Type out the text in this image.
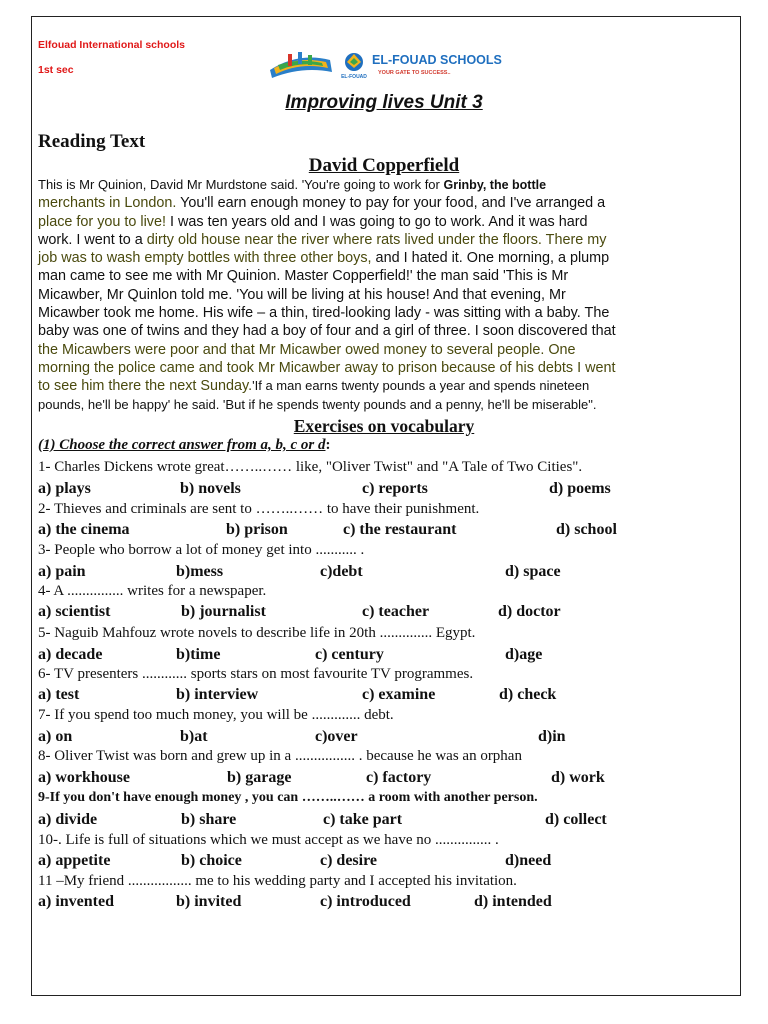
Elfouad International schools
1st sec
EL-FOUAD
EL-FOUAD SCHOOLS
YOUR GATE TO SUCCESS..
Improving lives Unit 3
Reading Text
David Copperfield
This is Mr Quinion, David Mr Murdstone said. 'You're going to work for Grinby, the bottle
merchants in London. You'll earn enough money to pay for your food, and I've arranged a
place for you to live! I was ten years old and I was going to go to work. And it was hard
work. I went to a dirty old house near the river where rats lived under the floors. There my
job was to wash empty bottles with three other boys, and I hated it. One morning, a plump
man came to see me with Mr Quinion. Master Copperfield!' the man said 'This is Mr
Micawber, Mr Quinlon told me. 'You will be living at his house! And that evening, Mr
Micawber took me home. His wife – a thin, tired-looking lady - was sitting with a baby. The
baby was one of twins and they had a boy of four and a girl of three. I soon discovered that
the Micawbers were poor and that Mr Micawber owed money to several people. One
morning the police came and took Mr Micawber away to prison because of his debts I went
to see him there the next Sunday.'If a man earns twenty pounds a year and spends nineteen
pounds, he'll be happy' he said. 'But if he spends twenty pounds and a penny, he'll be miserable".
Exercises on vocabulary
(1) Choose the correct answer from a, b, c or d:
1- Charles Dickens wrote great……..…… like, "Oliver Twist" and "A Tale of Two Cities".
a) plays	b) novels	c) reports	d) poems
2- Thieves and criminals are sent to ……..…… to have their punishment.
a) the cinema	b) prison	c) the restaurant	d) school
3- People who borrow a lot of money get into ........... .
a) pain	b)mess	c)debt	d) space
4- A ............... writes for a newspaper.
a) scientist	b) journalist	c) teacher	d) doctor
5- Naguib Mahfouz wrote novels to describe life in 20th .............. Egypt.
a) decade	b)time	c) century	d)age
6- TV presenters ............ sports stars on most favourite TV programmes.
a) test	b) interview	c) examine	d) check
7- If you spend too much money, you will be ............. debt.
a) on	b)at	c)over	d)in
8- Oliver Twist was born and grew up in a ................ . because he was an orphan
a) workhouse	b) garage	c) factory	d) work
9-If you don't have enough money , you can ……..…… a room with another person.
a) divide	b) share	c) take part	d) collect
10-. Life is full of situations which we must accept as we have no ............... .
a) appetite	b) choice	c) desire	d)need
11 –My friend ................. me to his wedding party and I accepted his invitation.
a) invented	b) invited	c) introduced	d) intended
